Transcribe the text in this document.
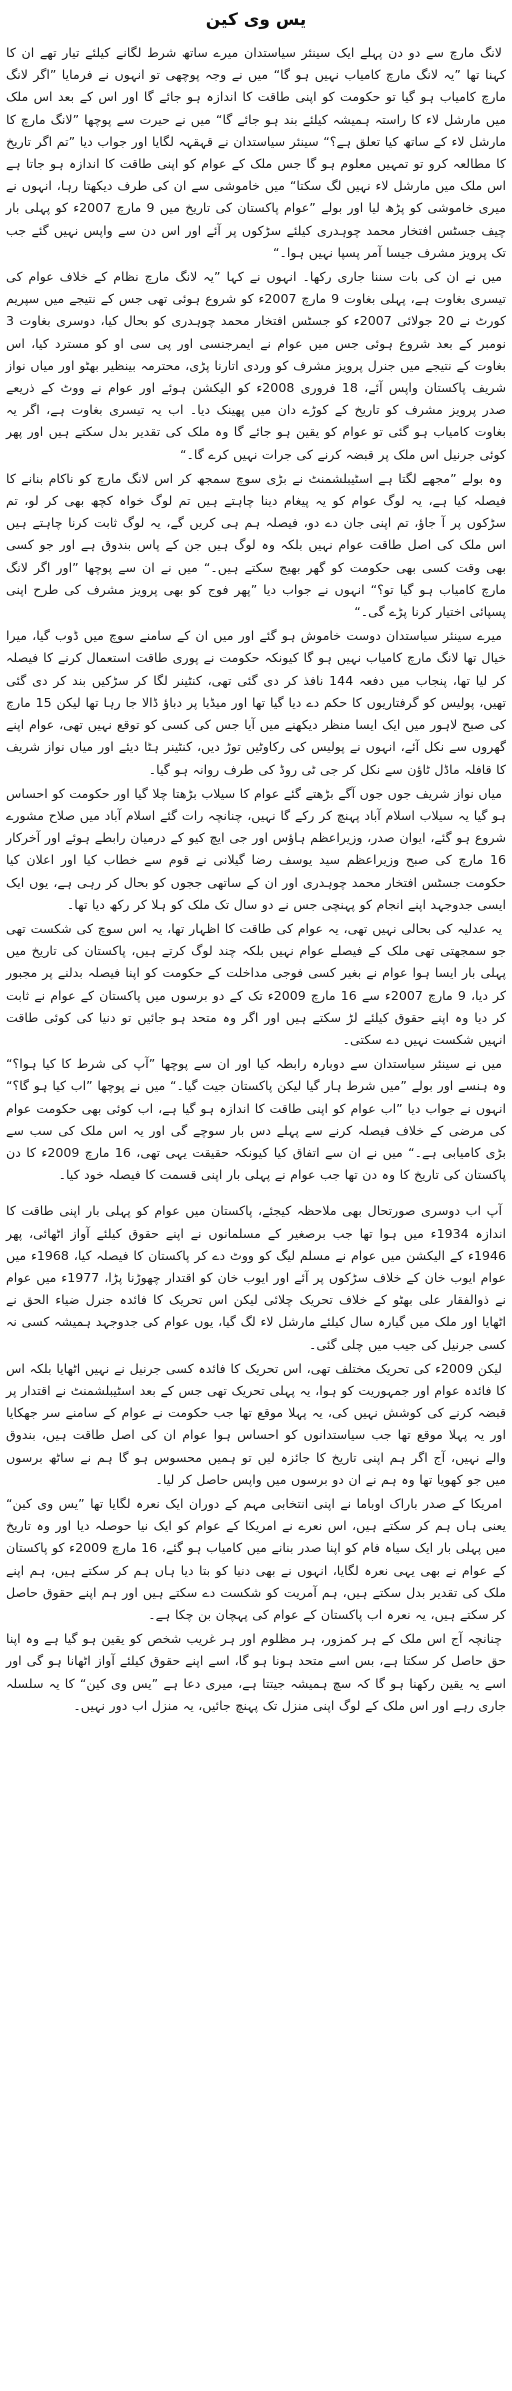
یس وی کین

لانگ مارچ سے دو دن پہلے ایک سینئر سیاستدان میرے ساتھ شرط لگانے کیلئے تیار تھے ان کا کہنا تھا ”یہ لانگ مارچ کامیاب نہیں ہو گا“ میں نے وجہ پوچھی تو انہوں نے فرمایا ”اگر لانگ مارچ کامیاب ہو گیا تو حکومت کو اپنی طاقت کا اندازہ ہو جائے گا اور اس کے بعد اس ملک میں مارشل لاء کا راستہ ہمیشہ کیلئے بند ہو جائے گا“ میں نے حیرت سے پوچھا ”لانگ مارچ کا مارشل لاء کے ساتھ کیا تعلق ہے؟“ سینئر سیاستدان نے قہقہہ لگایا اور جواب دیا ”تم اگر تاریخ کا مطالعہ کرو تو تمہیں معلوم ہو گا جس ملک کے عوام کو اپنی طاقت کا اندازہ ہو جاتا ہے اس ملک میں مارشل لاء نہیں لگ سکتا“ میں خاموشی سے ان کی طرف دیکھتا رہا، انہوں نے میری خاموشی کو پڑھ لیا اور بولے ”عوام پاکستان کی تاریخ میں 9 مارچ 2007ء کو پہلی بار چیف جسٹس افتخار محمد چوہدری کیلئے سڑکوں پر آئے اور اس دن سے واپس نہیں گئے جب تک پرویز مشرف جیسا آمر پسپا نہیں ہوا۔“

میں نے ان کی بات سننا جاری رکھا۔ انہوں نے کہا ”یہ لانگ مارچ نظام کے خلاف عوام کی تیسری بغاوت ہے، پہلی بغاوت 9 مارچ 2007ء کو شروع ہوئی تھی جس کے نتیجے میں سپریم کورٹ نے 20 جولائی 2007ء کو جسٹس افتخار محمد چوہدری کو بحال کیا، دوسری بغاوت 3 نومبر کے بعد شروع ہوئی جس میں عوام نے ایمرجنسی اور پی سی او کو مسترد کیا، اس بغاوت کے نتیجے میں جنرل پرویز مشرف کو وردی اتارنا پڑی، محترمہ بینظیر بھٹو اور میاں نواز شریف پاکستان واپس آئے، 18 فروری 2008ء کو الیکشن ہوئے اور عوام نے ووٹ کے ذریعے صدر پرویز مشرف کو تاریخ کے کوڑے دان میں پھینک دیا۔ اب یہ تیسری بغاوت ہے، اگر یہ بغاوت کامیاب ہو گئی تو عوام کو یقین ہو جائے گا وہ ملک کی تقدیر بدل سکتے ہیں اور پھر کوئی جرنیل اس ملک پر قبضہ کرنے کی جرات نہیں کرے گا۔“

وہ بولے ”مجھے لگتا ہے اسٹیبلشمنٹ نے بڑی سوچ سمجھ کر اس لانگ مارچ کو ناکام بنانے کا فیصلہ کیا ہے، یہ لوگ عوام کو یہ پیغام دینا چاہتے ہیں تم لوگ خواہ کچھ بھی کر لو، تم سڑکوں پر آ جاؤ، تم اپنی جان دے دو، فیصلہ ہم ہی کریں گے، یہ لوگ ثابت کرنا چاہتے ہیں اس ملک کی اصل طاقت عوام نہیں بلکہ وہ لوگ ہیں جن کے پاس بندوق ہے اور جو کسی بھی وقت کسی بھی حکومت کو گھر بھیج سکتے ہیں۔“ میں نے ان سے پوچھا ”اور اگر لانگ مارچ کامیاب ہو گیا تو؟“ انہوں نے جواب دیا ”پھر فوج کو بھی پرویز مشرف کی طرح اپنی پسپائی اختیار کرنا پڑے گی۔“

میرے سینئر سیاستدان دوست خاموش ہو گئے اور میں ان کے سامنے سوچ میں ڈوب گیا، میرا خیال تھا لانگ مارچ کامیاب نہیں ہو گا کیونکہ حکومت نے پوری طاقت استعمال کرنے کا فیصلہ کر لیا تھا، پنجاب میں دفعہ 144 نافذ کر دی گئی تھی، کنٹینر لگا کر سڑکیں بند کر دی گئی تھیں، پولیس کو گرفتاریوں کا حکم دے دیا گیا تھا اور میڈیا پر دباؤ ڈالا جا رہا تھا لیکن 15 مارچ کی صبح لاہور میں ایک ایسا منظر دیکھنے میں آیا جس کی کسی کو توقع نہیں تھی، عوام اپنے گھروں سے نکل آئے، انہوں نے پولیس کی رکاوٹیں توڑ دیں، کنٹینر ہٹا دیئے اور میاں نواز شریف کا قافلہ ماڈل ٹاؤن سے نکل کر جی ٹی روڈ کی طرف روانہ ہو گیا۔

میاں نواز شریف جوں جوں آگے بڑھتے گئے عوام کا سیلاب بڑھتا چلا گیا اور حکومت کو احساس ہو گیا یہ سیلاب اسلام آباد پہنچ کر رکے گا نہیں، چنانچہ رات گئے اسلام آباد میں صلاح مشورے شروع ہو گئے، ایوان صدر، وزیراعظم ہاؤس اور جی ایچ کیو کے درمیان رابطے ہوئے اور آخرکار 16 مارچ کی صبح وزیراعظم سید یوسف رضا گیلانی نے قوم سے خطاب کیا اور اعلان کیا حکومت جسٹس افتخار محمد چوہدری اور ان کے ساتھی ججوں کو بحال کر رہی ہے، یوں ایک ایسی جدوجہد اپنے انجام کو پہنچی جس نے دو سال تک ملک کو ہلا کر رکھ دیا تھا۔

یہ عدلیہ کی بحالی نہیں تھی، یہ عوام کی طاقت کا اظہار تھا، یہ اس سوچ کی شکست تھی جو سمجھتی تھی ملک کے فیصلے عوام نہیں بلکہ چند لوگ کرتے ہیں، پاکستان کی تاریخ میں پہلی بار ایسا ہوا عوام نے بغیر کسی فوجی مداخلت کے حکومت کو اپنا فیصلہ بدلنے پر مجبور کر دیا، 9 مارچ 2007ء سے 16 مارچ 2009ء تک کے دو برسوں میں پاکستان کے عوام نے ثابت کر دیا وہ اپنے حقوق کیلئے لڑ سکتے ہیں اور اگر وہ متحد ہو جائیں تو دنیا کی کوئی طاقت انہیں شکست نہیں دے سکتی۔

میں نے سینئر سیاستدان سے دوبارہ رابطہ کیا اور ان سے پوچھا ”آپ کی شرط کا کیا ہوا؟“ وہ ہنسے اور بولے ”میں شرط ہار گیا لیکن پاکستان جیت گیا۔“ میں نے پوچھا ”اب کیا ہو گا؟“ انہوں نے جواب دیا ”اب عوام کو اپنی طاقت کا اندازہ ہو گیا ہے، اب کوئی بھی حکومت عوام کی مرضی کے خلاف فیصلہ کرنے سے پہلے دس بار سوچے گی اور یہ اس ملک کی سب سے بڑی کامیابی ہے۔“ میں نے ان سے اتفاق کیا کیونکہ حقیقت یہی تھی، 16 مارچ 2009ء کا دن پاکستان کی تاریخ کا وہ دن تھا جب عوام نے پہلی بار اپنی قسمت کا فیصلہ خود کیا۔

آپ اب دوسری صورتحال بھی ملاحظہ کیجئے، پاکستان میں عوام کو پہلی بار اپنی طاقت کا اندازہ 1934ء میں ہوا تھا جب برصغیر کے مسلمانوں نے اپنے حقوق کیلئے آواز اٹھائی، پھر 1946ء کے الیکشن میں عوام نے مسلم لیگ کو ووٹ دے کر پاکستان کا فیصلہ کیا، 1968ء میں عوام ایوب خان کے خلاف سڑکوں پر آئے اور ایوب خان کو اقتدار چھوڑنا پڑا، 1977ء میں عوام نے ذوالفقار علی بھٹو کے خلاف تحریک چلائی لیکن اس تحریک کا فائدہ جنرل ضیاء الحق نے اٹھایا اور ملک میں گیارہ سال کیلئے مارشل لاء لگ گیا، یوں عوام کی جدوجہد ہمیشہ کسی نہ کسی جرنیل کی جیب میں چلی گئی۔

لیکن 2009ء کی تحریک مختلف تھی، اس تحریک کا فائدہ کسی جرنیل نے نہیں اٹھایا بلکہ اس کا فائدہ عوام اور جمہوریت کو ہوا، یہ پہلی تحریک تھی جس کے بعد اسٹیبلشمنٹ نے اقتدار پر قبضہ کرنے کی کوشش نہیں کی، یہ پہلا موقع تھا جب حکومت نے عوام کے سامنے سر جھکایا اور یہ پہلا موقع تھا جب سیاستدانوں کو احساس ہوا عوام ان کی اصل طاقت ہیں، بندوق والے نہیں، آج اگر ہم اپنی تاریخ کا جائزہ لیں تو ہمیں محسوس ہو گا ہم نے ساٹھ برسوں میں جو کھویا تھا وہ ہم نے ان دو برسوں میں واپس حاصل کر لیا۔

امریکا کے صدر باراک اوباما نے اپنی انتخابی مہم کے دوران ایک نعرہ لگایا تھا ”یس وی کین“ یعنی ہاں ہم کر سکتے ہیں، اس نعرے نے امریکا کے عوام کو ایک نیا حوصلہ دیا اور وہ تاریخ میں پہلی بار ایک سیاہ فام کو اپنا صدر بنانے میں کامیاب ہو گئے، 16 مارچ 2009ء کو پاکستان کے عوام نے بھی یہی نعرہ لگایا، انہوں نے بھی دنیا کو بتا دیا ہاں ہم کر سکتے ہیں، ہم اپنے ملک کی تقدیر بدل سکتے ہیں، ہم آمریت کو شکست دے سکتے ہیں اور ہم اپنے حقوق حاصل کر سکتے ہیں، یہ نعرہ اب پاکستان کے عوام کی پہچان بن چکا ہے۔

چنانچہ آج اس ملک کے ہر کمزور، ہر مظلوم اور ہر غریب شخص کو یقین ہو گیا ہے وہ اپنا حق حاصل کر سکتا ہے، بس اسے متحد ہونا ہو گا، اسے اپنے حقوق کیلئے آواز اٹھانا ہو گی اور اسے یہ یقین رکھنا ہو گا کہ سچ ہمیشہ جیتتا ہے، میری دعا ہے ”یس وی کین“ کا یہ سلسلہ جاری رہے اور اس ملک کے لوگ اپنی منزل تک پہنچ جائیں، یہ منزل اب دور نہیں۔
